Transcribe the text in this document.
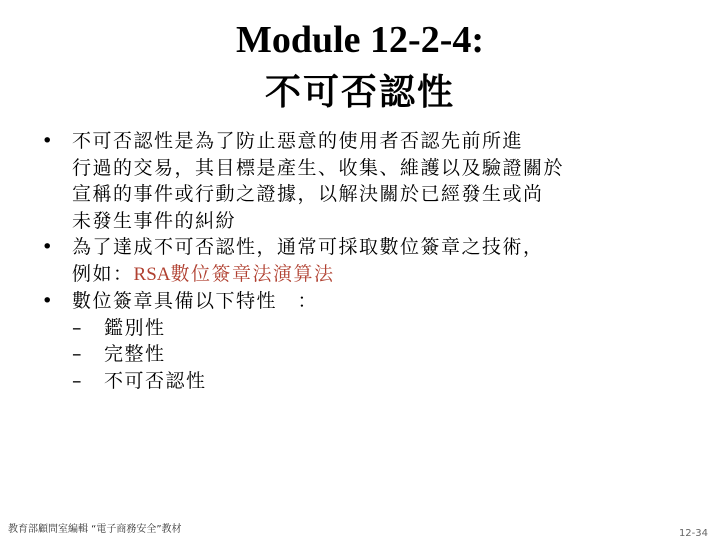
Module 12-2-4:
不可否認性
• 不可否認性是為了防止惡意的使用者否認先前所進
行過的交易，其目標是產生、收集、維護以及驗證關於
宣稱的事件或行動之證據，以解決關於已經發生或尚
未發生事件的糾紛
• 為了達成不可否認性，通常可採取數位簽章之技術，
例如：RSA數位簽章法演算法
• 數位簽章具備以下特性　：
–	鑑別性
–	完整性
–	不可否認性
教育部顧問室編輯 “電子商務安全”教材	12-34
